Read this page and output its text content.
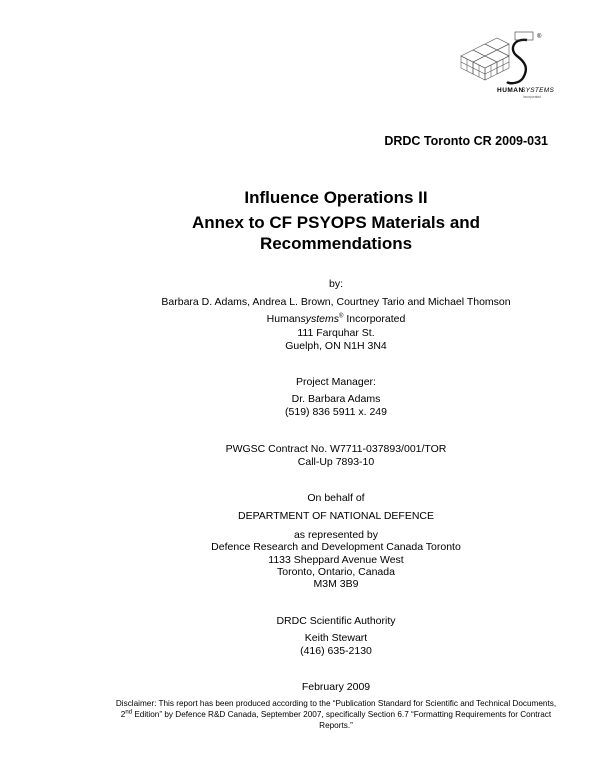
®
HUMAN
SYSTEMS
Incorporated
DRDC Toronto CR 2009-031
Influence Operations II
Annex to CF PSYOPS Materials and
Recommendations
by:
Barbara D. Adams, Andrea L. Brown, Courtney Tario and Michael Thomson
Humansystems® Incorporated
111 Farquhar St.
Guelph, ON N1H 3N4
Project Manager:
Dr. Barbara Adams
(519) 836 5911 x. 249
PWGSC Contract No. W7711-037893/001/TOR
Call-Up 7893-10
On behalf of
DEPARTMENT OF NATIONAL DEFENCE
as represented by
Defence Research and Development Canada Toronto
1133 Sheppard Avenue West
Toronto, Ontario, Canada
M3M 3B9
DRDC Scientific Authority
Keith Stewart
(416) 635-2130
February 2009
Disclaimer: This report has been produced according to the “Publication Standard for Scientific and Technical Documents, 2nd Edition” by Defence R&D Canada, September 2007, specifically Section 6.7 “Formatting Requirements for Contract Reports.”
